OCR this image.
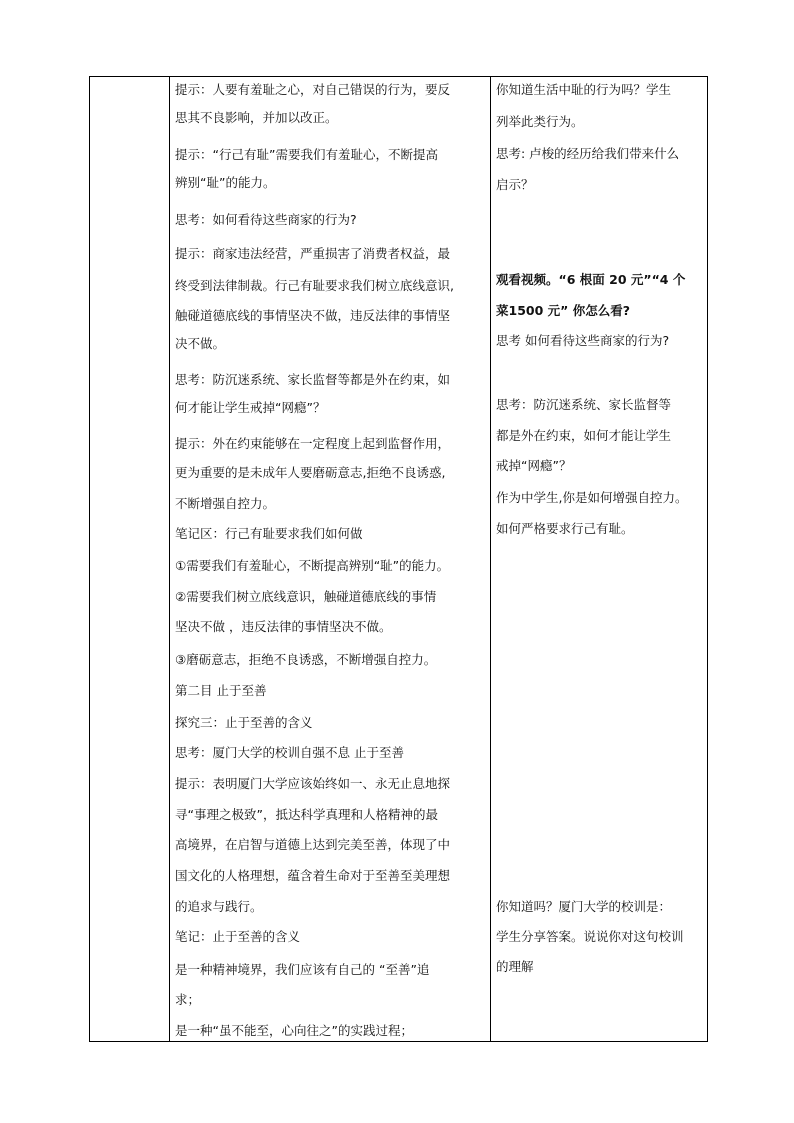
提示：人要有羞耻之心，对自己错误的行为，要反
思其不良影响，并加以改正。
提示：“行己有耻”需要我们有羞耻心，不断提高
辨别“耻”的能力。
思考：如何看待这些商家的行为?
提示：商家违法经营，严重损害了消费者权益，最
终受到法律制裁。行己有耻要求我们树立底线意识,
触碰道德底线的事情坚决不做，违反法律的事情坚
决不做。
思考：防沉迷系统、家长监督等都是外在约束，如
何才能让学生戒掉“网瘾”？
提示：外在约束能够在一定程度上起到监督作用，
更为重要的是未成年人要磨砺意志,拒绝不良诱惑,
不断增强自控力。
笔记区：行己有耻要求我们如何做
①需要我们有羞耻心，不断提高辨别“耻”的能力。
②需要我们树立底线意识，触碰道德底线的事情
坚决不做 ，违反法律的事情坚决不做。
③磨砺意志，拒绝不良诱惑，不断增强自控力。
第二目 止于至善
探究三：止于至善的含义
思考：厦门大学的校训自强不息 止于至善
提示：表明厦门大学应该始终如一、永无止息地探
寻“事理之极致”，抵达科学真理和人格精神的最
高境界，在启智与道德上达到完美至善，体现了中
国文化的人格理想，蕴含着生命对于至善至美理想
的追求与践行。
笔记：止于至善的含义
是一种精神境界，我们应该有自己的 “至善”追
求；
是一种“虽不能至，心向往之”的实践过程；
你知道生活中耻的行为吗？学生
列举此类行为。
思考: 卢梭的经历给我们带来什么
启示？
观看视频。“6 根面 20 元”“4 个
菜1500 元” 你怎么看?
思考 如何看待这些商家的行为?
思考：防沉迷系统、家长监督等
都是外在约束，如何才能让学生
戒掉“网瘾”？
作为中学生,你是如何增强自控力。
如何严格要求行己有耻。
你知道吗？厦门大学的校训是：
学生分享答案。说说你对这句校训
的理解
